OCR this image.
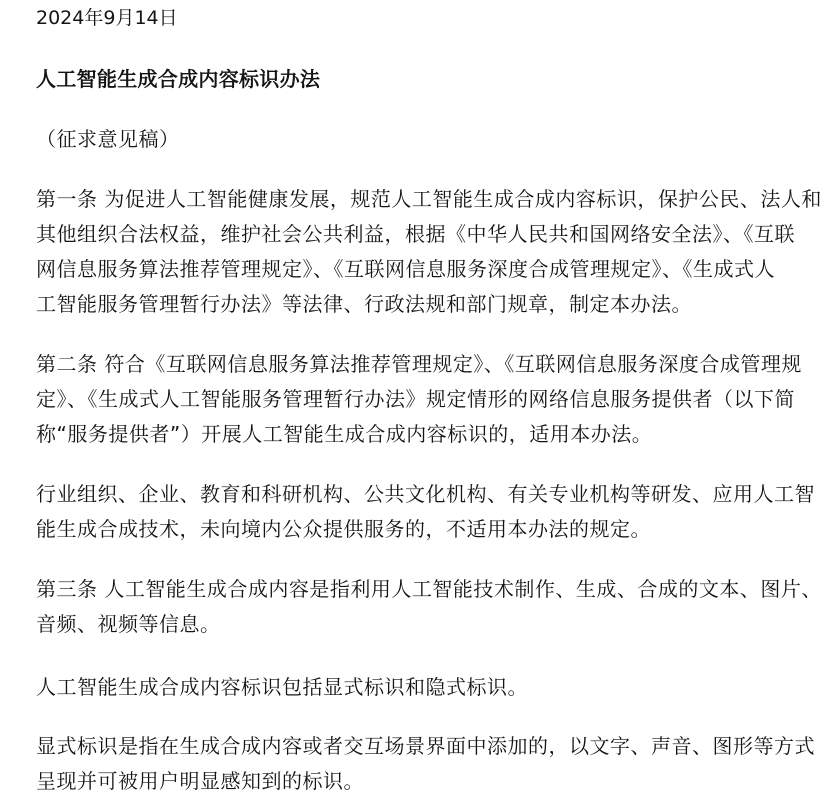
2024年9月14日
人工智能生成合成内容标识办法
（征求意见稿）
第一条 为促进人工智能健康发展，规范人工智能生成合成内容标识，保护公民、法人和
其他组织合法权益，维护社会公共利益，根据《中华人民共和国网络安全法》、《互联
网信息服务算法推荐管理规定》、《互联网信息服务深度合成管理规定》、《生成式人
工智能服务管理暂行办法》等法律、行政法规和部门规章，制定本办法。
第二条 符合《互联网信息服务算法推荐管理规定》、《互联网信息服务深度合成管理规
定》、《生成式人工智能服务管理暂行办法》规定情形的网络信息服务提供者（以下简
称“服务提供者”）开展人工智能生成合成内容标识的，适用本办法。
行业组织、企业、教育和科研机构、公共文化机构、有关专业机构等研发、应用人工智
能生成合成技术，未向境内公众提供服务的，不适用本办法的规定。
第三条 人工智能生成合成内容是指利用人工智能技术制作、生成、合成的文本、图片、
音频、视频等信息。
人工智能生成合成内容标识包括显式标识和隐式标识。
显式标识是指在生成合成内容或者交互场景界面中添加的，以文字、声音、图形等方式
呈现并可被用户明显感知到的标识。
